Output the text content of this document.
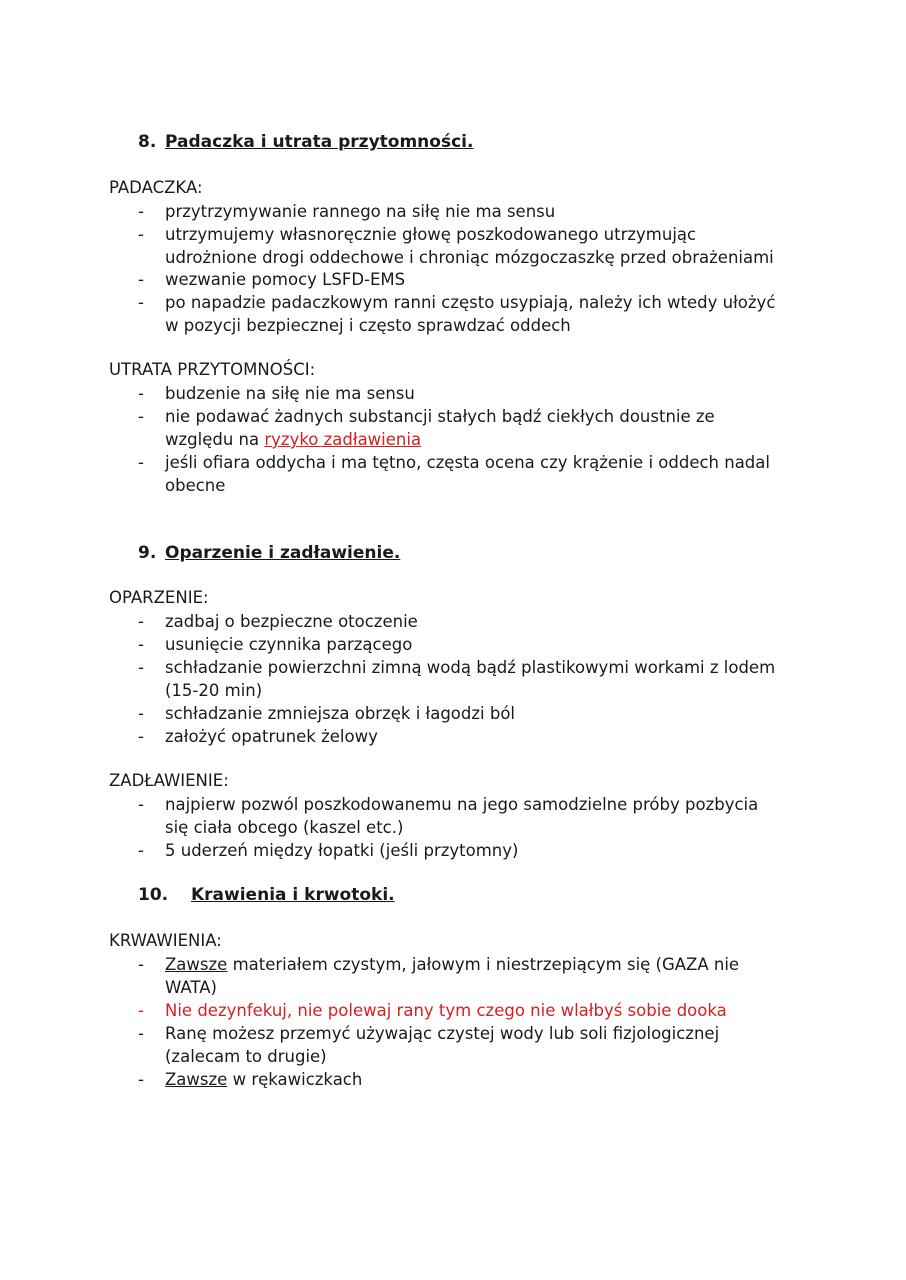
8. Padaczka i utrata przytomności.
PADACZKA:
- przytrzymywanie rannego na siłę nie ma sensu
- utrzymujemy własnoręcznie głowę poszkodowanego utrzymując
udrożnione drogi oddechowe i chroniąc mózgoczaszkę przed obrażeniami
- wezwanie pomocy LSFD-EMS
- po napadzie padaczkowym ranni często usypiają, należy ich wtedy ułożyć
w pozycji bezpiecznej i często sprawdzać oddech
UTRATA PRZYTOMNOŚCI:
- budzenie na siłę nie ma sensu
- nie podawać żadnych substancji stałych bądź ciekłych doustnie ze
względu na ryzyko zadławienia
- jeśli ofiara oddycha i ma tętno, częsta ocena czy krążenie i oddech nadal
obecne
9. Oparzenie i zadławienie.
OPARZENIE:
- zadbaj o bezpieczne otoczenie
- usunięcie czynnika parzącego
- schładzanie powierzchni zimną wodą bądź plastikowymi workami z lodem
(15-20 min)
- schładzanie zmniejsza obrzęk i łagodzi ból
- założyć opatrunek żelowy
ZADŁAWIENIE:
- najpierw pozwól poszkodowanemu na jego samodzielne próby pozbycia
się ciała obcego (kaszel etc.)
- 5 uderzeń między łopatki (jeśli przytomny)
10. Krawienia i krwotoki.
KRWAWIENIA:
- Zawsze materiałem czystym, jałowym i niestrzepiącym się (GAZA nie
WATA)
- Nie dezynfekuj, nie polewaj rany tym czego nie wlałbyś sobie dooka
- Ranę możesz przemyć używając czystej wody lub soli fizjologicznej
(zalecam to drugie)
- Zawsze w rękawiczkach
